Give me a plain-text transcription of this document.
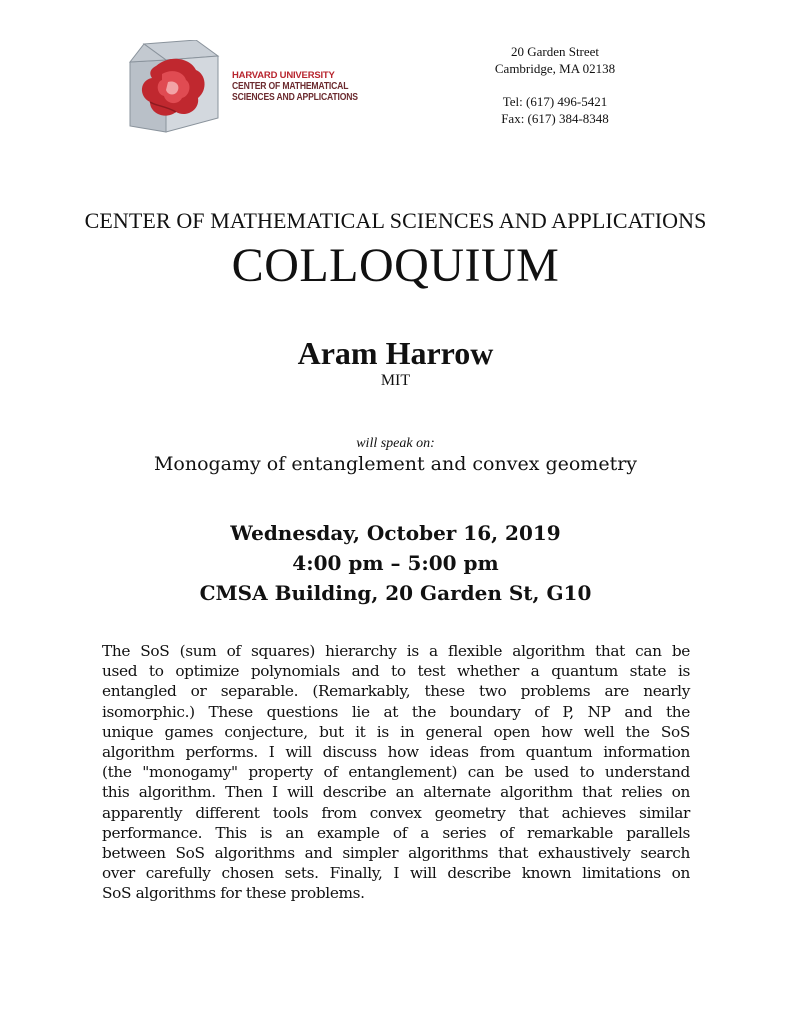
HARVARD UNIVERSITY
CENTER OF MATHEMATICAL
SCIENCES AND APPLICATIONS
20 Garden Street
Cambridge, MA 02138
Tel: (617) 496-5421
Fax: (617) 384-8348
CENTER OF MATHEMATICAL SCIENCES AND APPLICATIONS
COLLOQUIUM
Aram Harrow
MIT
will speak on:
Monogamy of entanglement and convex geometry
Wednesday, October 16, 2019
4:00 pm – 5:00 pm
CMSA Building, 20 Garden St, G10
The SoS (sum of squares) hierarchy is a flexible algorithm that can be
used to optimize polynomials and to test whether a quantum state is
entangled or separable. (Remarkably, these two problems are nearly
isomorphic.) These questions lie at the boundary of P, NP and the
unique games conjecture, but it is in general open how well the SoS
algorithm performs. I will discuss how ideas from quantum information
(the "monogamy" property of entanglement) can be used to understand
this algorithm. Then I will describe an alternate algorithm that relies on
apparently different tools from convex geometry that achieves similar
performance. This is an example of a series of remarkable parallels
between SoS algorithms and simpler algorithms that exhaustively search
over carefully chosen sets. Finally, I will describe known limitations on
SoS algorithms for these problems.
